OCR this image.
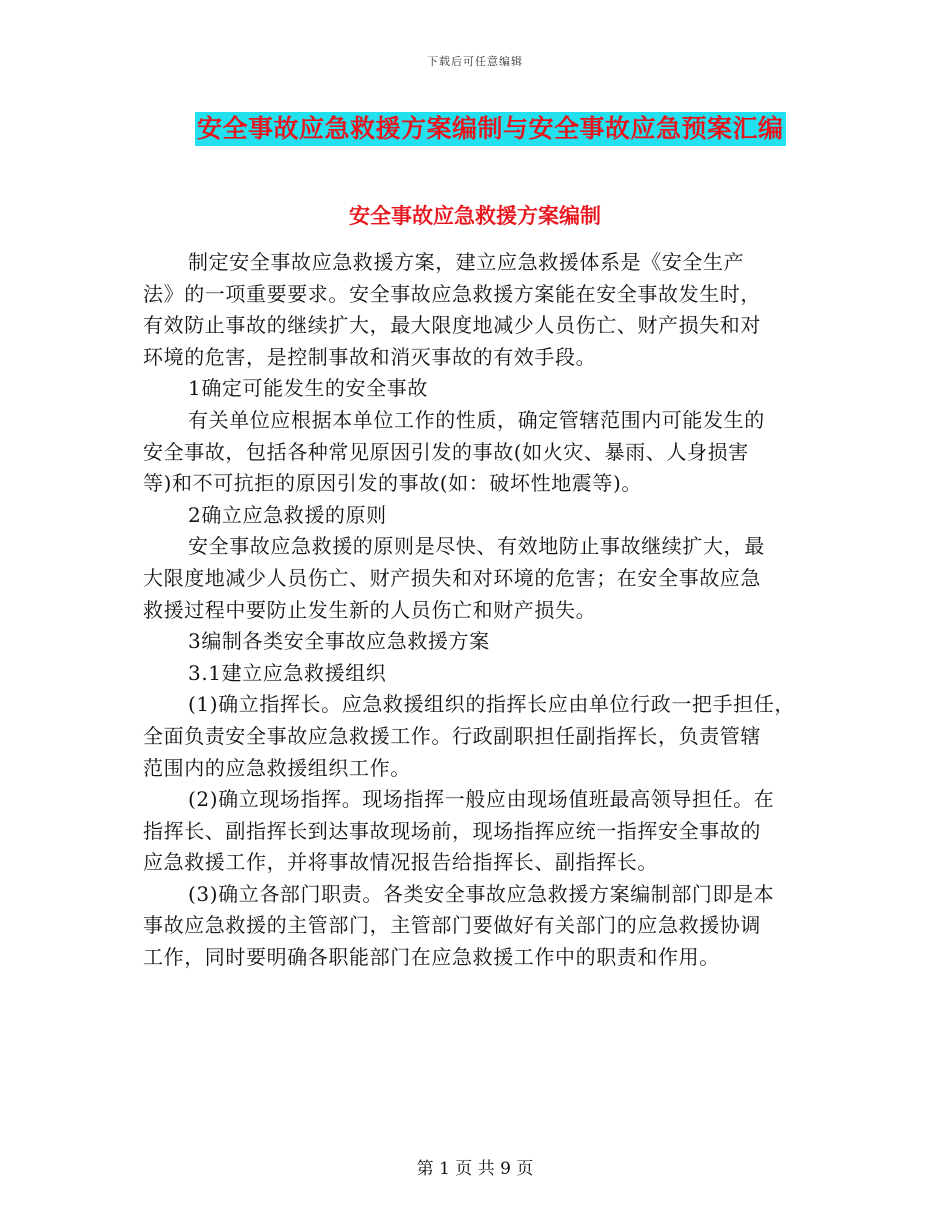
下载后可任意编辑
安全事故应急救援方案编制与安全事故应急预案汇编
安全事故应急救援方案编制
制定安全事故应急救援方案，建立应急救援体系是《安全生产
法》的一项重要要求。安全事故应急救援方案能在安全事故发生时，
有效防止事故的继续扩大，最大限度地减少人员伤亡、财产损失和对
环境的危害，是控制事故和消灭事故的有效手段。
1确定可能发生的安全事故
有关单位应根据本单位工作的性质，确定管辖范围内可能发生的
安全事故，包括各种常见原因引发的事故(如火灾、暴雨、人身损害
等)和不可抗拒的原因引发的事故(如：破坏性地震等)。
2确立应急救援的原则
安全事故应急救援的原则是尽快、有效地防止事故继续扩大，最
大限度地减少人员伤亡、财产损失和对环境的危害；在安全事故应急
救援过程中要防止发生新的人员伤亡和财产损失。
3编制各类安全事故应急救援方案
3.1建立应急救援组织
(1)确立指挥长。应急救援组织的指挥长应由单位行政一把手担任，
全面负责安全事故应急救援工作。行政副职担任副指挥长，负责管辖
范围内的应急救援组织工作。
(2)确立现场指挥。现场指挥一般应由现场值班最高领导担任。在
指挥长、副指挥长到达事故现场前，现场指挥应统一指挥安全事故的
应急救援工作，并将事故情况报告给指挥长、副指挥长。
(3)确立各部门职责。各类安全事故应急救援方案编制部门即是本
事故应急救援的主管部门，主管部门要做好有关部门的应急救援协调
工作，同时要明确各职能部门在应急救援工作中的职责和作用。
第 1 页 共 9 页
